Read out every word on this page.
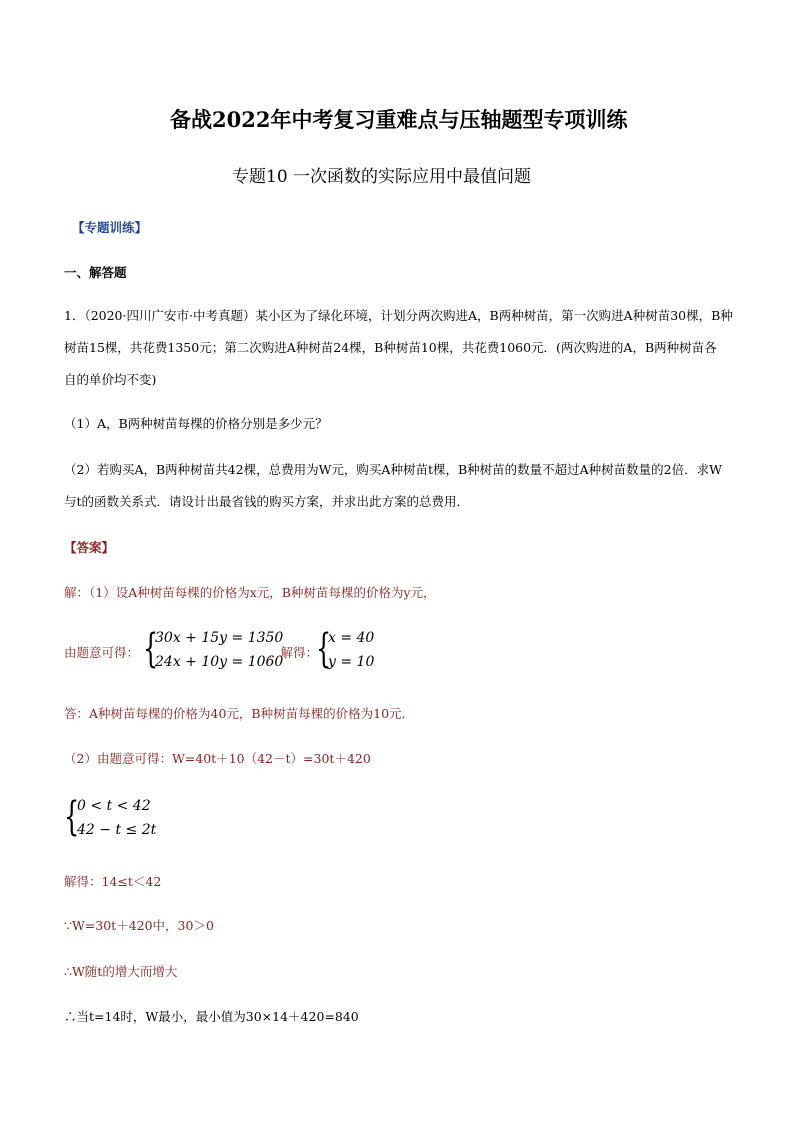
备战2022年中考复习重难点与压轴题型专项训练
专题10 一次函数的实际应用中最值问题
【专题训练】
一、解答题
1．（2020·四川广安市·中考真题）某小区为了绿化环境，计划分两次购进A，B两种树苗，第一次购进A种树苗30棵，B种
树苗15棵，共花费1350元；第二次购进A种树苗24棵，B种树苗10棵，共花费1060元．(两次购进的A，B两种树苗各
自的单价均不变)
（1）A，B两种树苗每棵的价格分别是多少元？
（2）若购买A，B两种树苗共42棵，总费用为W元，购买A种树苗t棵，B种树苗的数量不超过A种树苗数量的2倍．求W
与t的函数关系式．请设计出最省钱的购买方案，并求出此方案的总费用．
【答案】
解：（1）设A种树苗每棵的价格为x元，B种树苗每棵的价格为y元，
由题意可得： {
30x + 15y = 1350
24x + 10y = 1060
，解得：
{
x = 40
y = 10
答：A种树苗每棵的价格为40元，B种树苗每棵的价格为10元．
（2）由题意可得：W=40t＋10（42－t）=30t＋420
{
0 < t < 42
42 − t ≤ 2t
解得：14≤t＜42
∵W=30t＋420中，30＞0
∴W随t的增大而增大
∴当t=14时，W最小，最小值为30×14＋420=840
